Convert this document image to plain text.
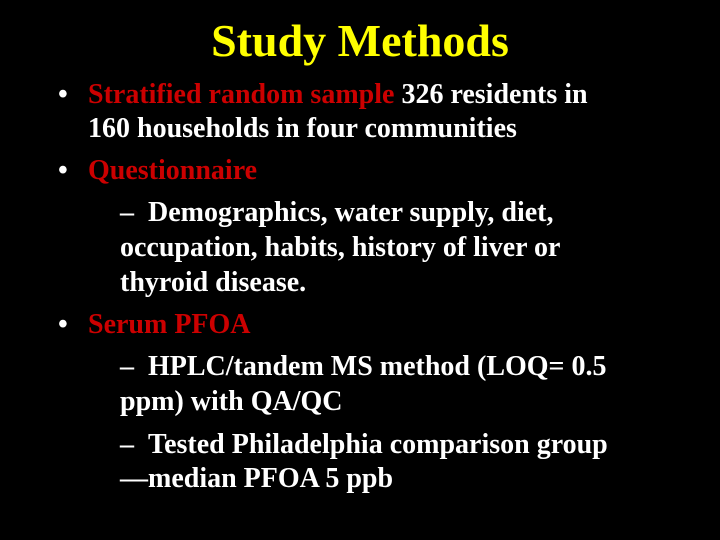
Study Methods
• Stratified random sample 326 residents in
160 households in four communities
• Questionnaire
– Demographics, water supply, diet,
occupation, habits, history of liver or
thyroid disease.
• Serum PFOA
– HPLC/tandem MS method (LOQ= 0.5
ppm) with QA/QC
– Tested Philadelphia comparison group
—median PFOA 5 ppb
